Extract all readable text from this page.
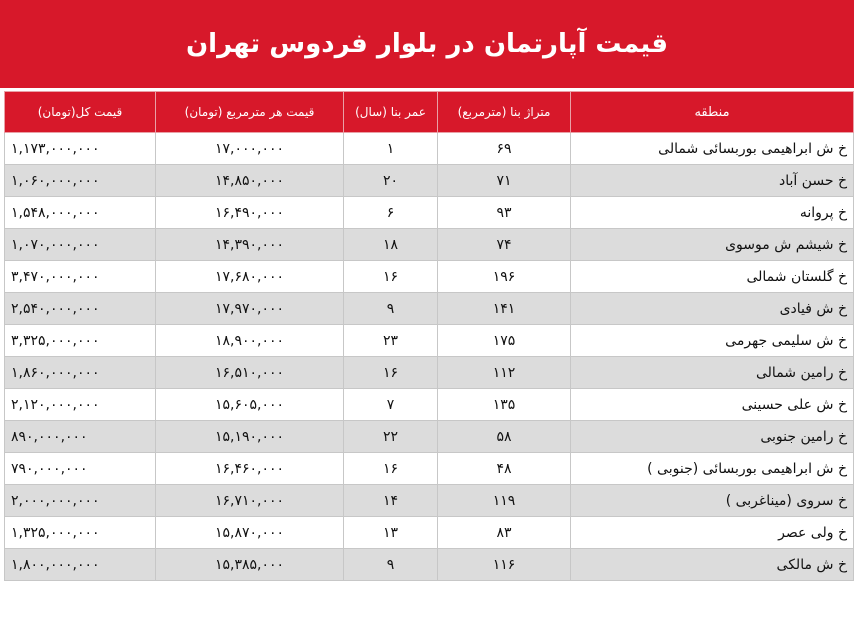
قیمت آپارتمان در بلوار فردوس تهران
منطقه	متراژ بنا (مترمربع)	عمر بنا (سال)	قیمت هر مترمربع (تومان)	قیمت کل(تومان)
خ ش ابراهیمی بوربسائی شمالی	۶۹	۱	۱۷,۰۰۰,۰۰۰	۱,۱۷۳,۰۰۰,۰۰۰
خ حسن آباد	۷۱	۲۰	۱۴,۸۵۰,۰۰۰	۱,۰۶۰,۰۰۰,۰۰۰
خ پروانه	۹۳	۶	۱۶,۴۹۰,۰۰۰	۱,۵۴۸,۰۰۰,۰۰۰
خ شیشم ش موسوی	۷۴	۱۸	۱۴,۳۹۰,۰۰۰	۱,۰۷۰,۰۰۰,۰۰۰
خ گلستان شمالی	۱۹۶	۱۶	۱۷,۶۸۰,۰۰۰	۳,۴۷۰,۰۰۰,۰۰۰
خ ش فیادی	۱۴۱	۹	۱۷,۹۷۰,۰۰۰	۲,۵۴۰,۰۰۰,۰۰۰
خ ش سلیمی جهرمی	۱۷۵	۲۳	۱۸,۹۰۰,۰۰۰	۳,۳۲۵,۰۰۰,۰۰۰
خ رامین شمالی	۱۱۲	۱۶	۱۶,۵۱۰,۰۰۰	۱,۸۶۰,۰۰۰,۰۰۰
خ ش علی حسینی	۱۳۵	۷	۱۵,۶۰۵,۰۰۰	۲,۱۲۰,۰۰۰,۰۰۰
خ رامین جنوبی	۵۸	۲۲	۱۵,۱۹۰,۰۰۰	۸۹۰,۰۰۰,۰۰۰
خ ش ابراهیمی بوربسائی (جنوبی )	۴۸	۱۶	۱۶,۴۶۰,۰۰۰	۷۹۰,۰۰۰,۰۰۰
خ سروی (میناغربی )	۱۱۹	۱۴	۱۶,۷۱۰,۰۰۰	۲,۰۰۰,۰۰۰,۰۰۰
خ ولی عصر	۸۳	۱۳	۱۵,۸۷۰,۰۰۰	۱,۳۲۵,۰۰۰,۰۰۰
خ ش مالکی	۱۱۶	۹	۱۵,۳۸۵,۰۰۰	۱,۸۰۰,۰۰۰,۰۰۰
